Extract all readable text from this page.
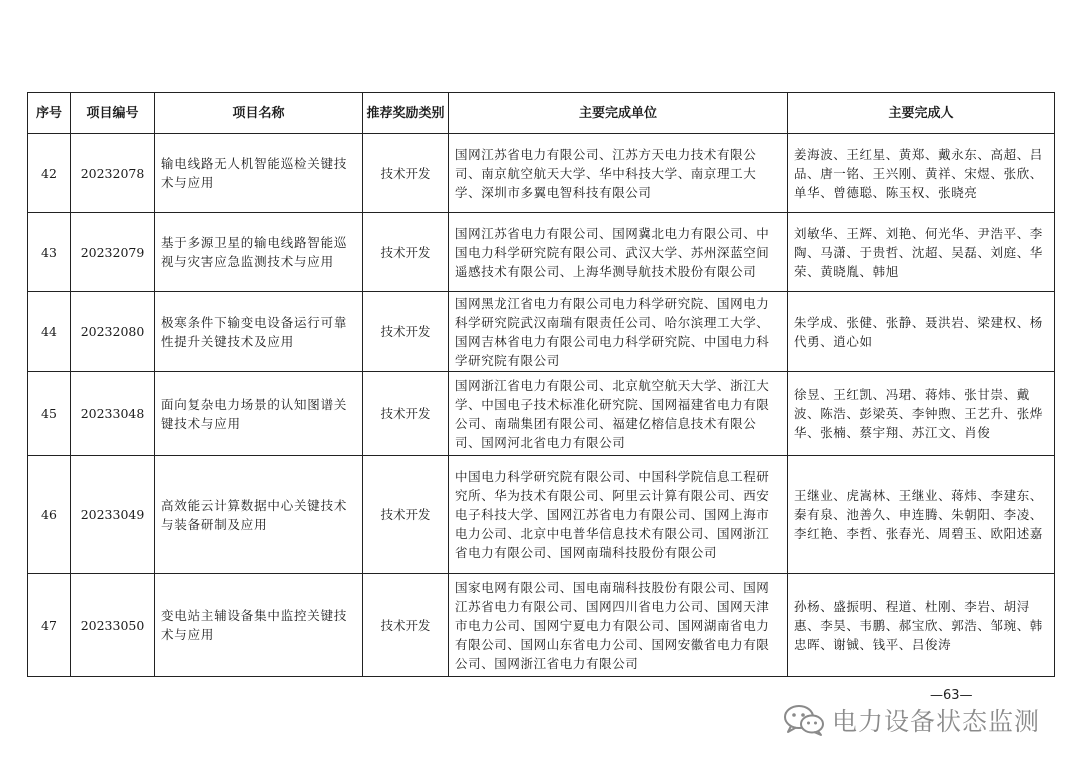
序号	项目编号	项目名称	推荐奖励类别	主要完成单位	主要完成人
42	20232078	输电线路无人机智能巡检关键技术与应用	技术开发	国网江苏省电力有限公司、江苏方天电力技术有限公司、南京航空航天大学、华中科技大学、南京理工大学、深圳市多翼电智科技有限公司	姜海波、王红星、黄郑、戴永东、高超、吕品、唐一铭、王兴刚、黄祥、宋煜、张欣、单华、曾德聪、陈玉权、张晓亮
43	20232079	基于多源卫星的输电线路智能巡视与灾害应急监测技术与应用	技术开发	国网江苏省电力有限公司、国网冀北电力有限公司、中国电力科学研究院有限公司、武汉大学、苏州深蓝空间遥感技术有限公司、上海华测导航技术股份有限公司	刘敏华、王辉、刘艳、何光华、尹浩平、李陶、马潇、于贵哲、沈超、吴磊、刘庭、华荣、黄晓胤、韩旭
44	20232080	极寒条件下输变电设备运行可靠性提升关键技术及应用	技术开发	国网黑龙江省电力有限公司电力科学研究院、国网电力科学研究院武汉南瑞有限责任公司、哈尔滨理工大学、国网吉林省电力有限公司电力科学研究院、中国电力科学研究院有限公司	朱学成、张健、张静、聂洪岩、梁建权、杨代勇、逍心如
45	20233048	面向复杂电力场景的认知图谱关键技术与应用	技术开发	国网浙江省电力有限公司、北京航空航天大学、浙江大学、中国电子技术标准化研究院、国网福建省电力有限公司、南瑞集团有限公司、福建亿榕信息技术有限公司、国网河北省电力有限公司	徐昱、王红凯、冯珺、蒋炜、张甘崇、戴波、陈浩、彭梁英、李钟煦、王艺升、张烨华、张楠、蔡宇翔、苏江文、肖俊
46	20233049	高效能云计算数据中心关键技术与装备研制及应用	技术开发	中国电力科学研究院有限公司、中国科学院信息工程研究所、华为技术有限公司、阿里云计算有限公司、西安电子科技大学、国网江苏省电力有限公司、国网上海市电力公司、北京中电普华信息技术有限公司、国网浙江省电力有限公司、国网南瑞科技股份有限公司	王继业、虎嵩林、王继业、蒋炜、李建东、秦有泉、池善久、申连腾、朱朝阳、李凌、李红艳、李哲、张春光、周碧玉、欧阳述嘉
47	20233050	变电站主辅设备集中监控关键技术与应用	技术开发	国家电网有限公司、国电南瑞科技股份有限公司、国网江苏省电力有限公司、国网四川省电力公司、国网天津市电力公司、国网宁夏电力有限公司、国网湖南省电力有限公司、国网山东省电力公司、国网安徽省电力有限公司、国网浙江省电力有限公司	孙杨、盛振明、程道、杜刚、李岩、胡浔惠、李昊、韦鹏、郝宝欣、郭浩、邹琬、韩忠晖、谢铖、钱平、吕俊涛
—63—
电力设备状态监测
